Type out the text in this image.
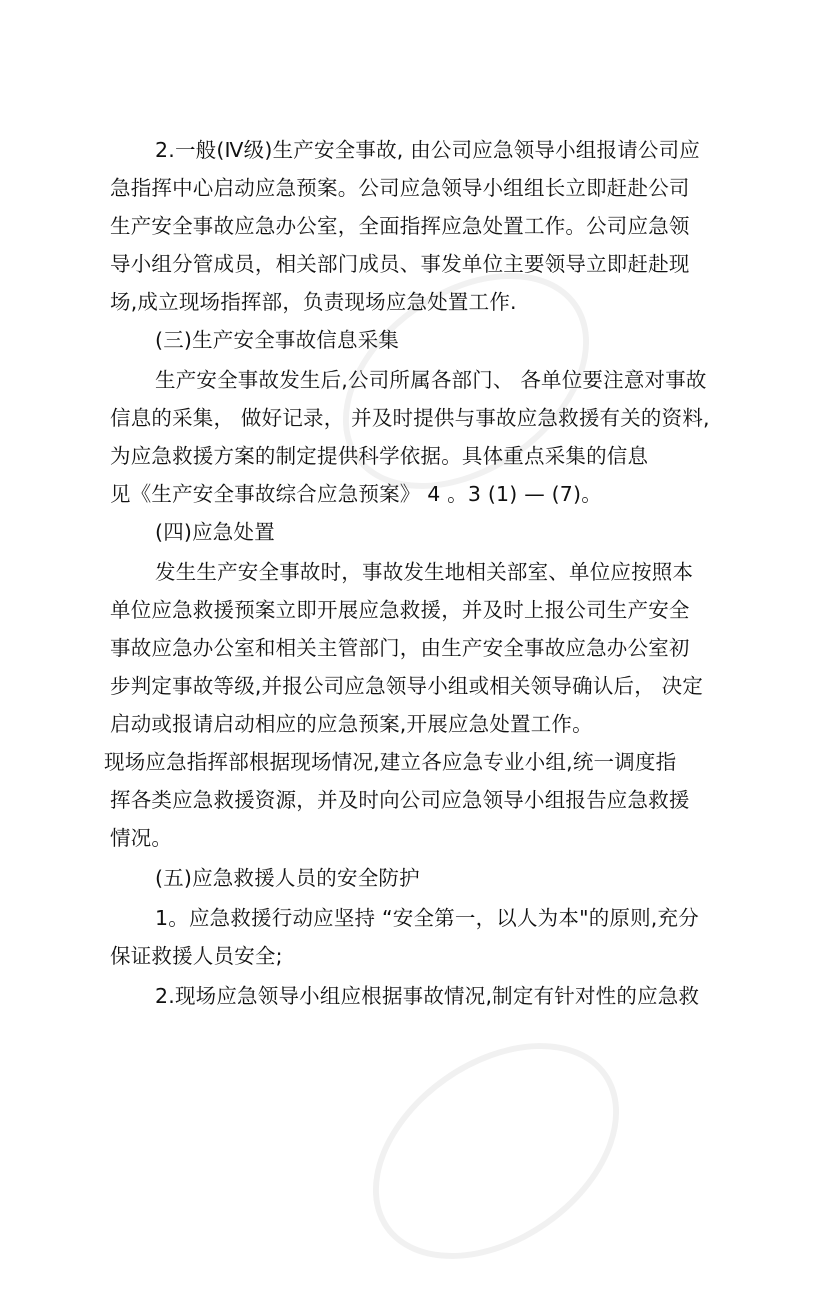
2.一般(Ⅳ级)生产安全事故, 由公司应急领导小组报请公司应
急指挥中心启动应急预案。公司应急领导小组组长立即赶赴公司
生产安全事故应急办公室，全面指挥应急处置工作。公司应急领
导小组分管成员，相关部门成员、事发单位主要领导立即赶赴现
场,成立现场指挥部，负责现场应急处置工作.
(三)生产安全事故信息采集
生产安全事故发生后,公司所属各部门、 各单位要注意对事故
信息的采集， 做好记录， 并及时提供与事故应急救援有关的资料,
为应急救援方案的制定提供科学依据。具体重点采集的信息
见《生产安全事故综合应急预案》 4 。3 (1) — (7)。
(四)应急处置
发生生产安全事故时，事故发生地相关部室、单位应按照本
单位应急救援预案立即开展应急救援，并及时上报公司生产安全
事故应急办公室和相关主管部门，由生产安全事故应急办公室初
步判定事故等级,并报公司应急领导小组或相关领导确认后， 决定
启动或报请启动相应的应急预案,开展应急处置工作。
现场应急指挥部根据现场情况,建立各应急专业小组,统一调度指
挥各类应急救援资源，并及时向公司应急领导小组报告应急救援
情况。
(五)应急救援人员的安全防护
1。应急救援行动应坚持 “安全第一，以人为本"的原则,充分
保证救援人员安全;
2.现场应急领导小组应根据事故情况,制定有针对性的应急救
